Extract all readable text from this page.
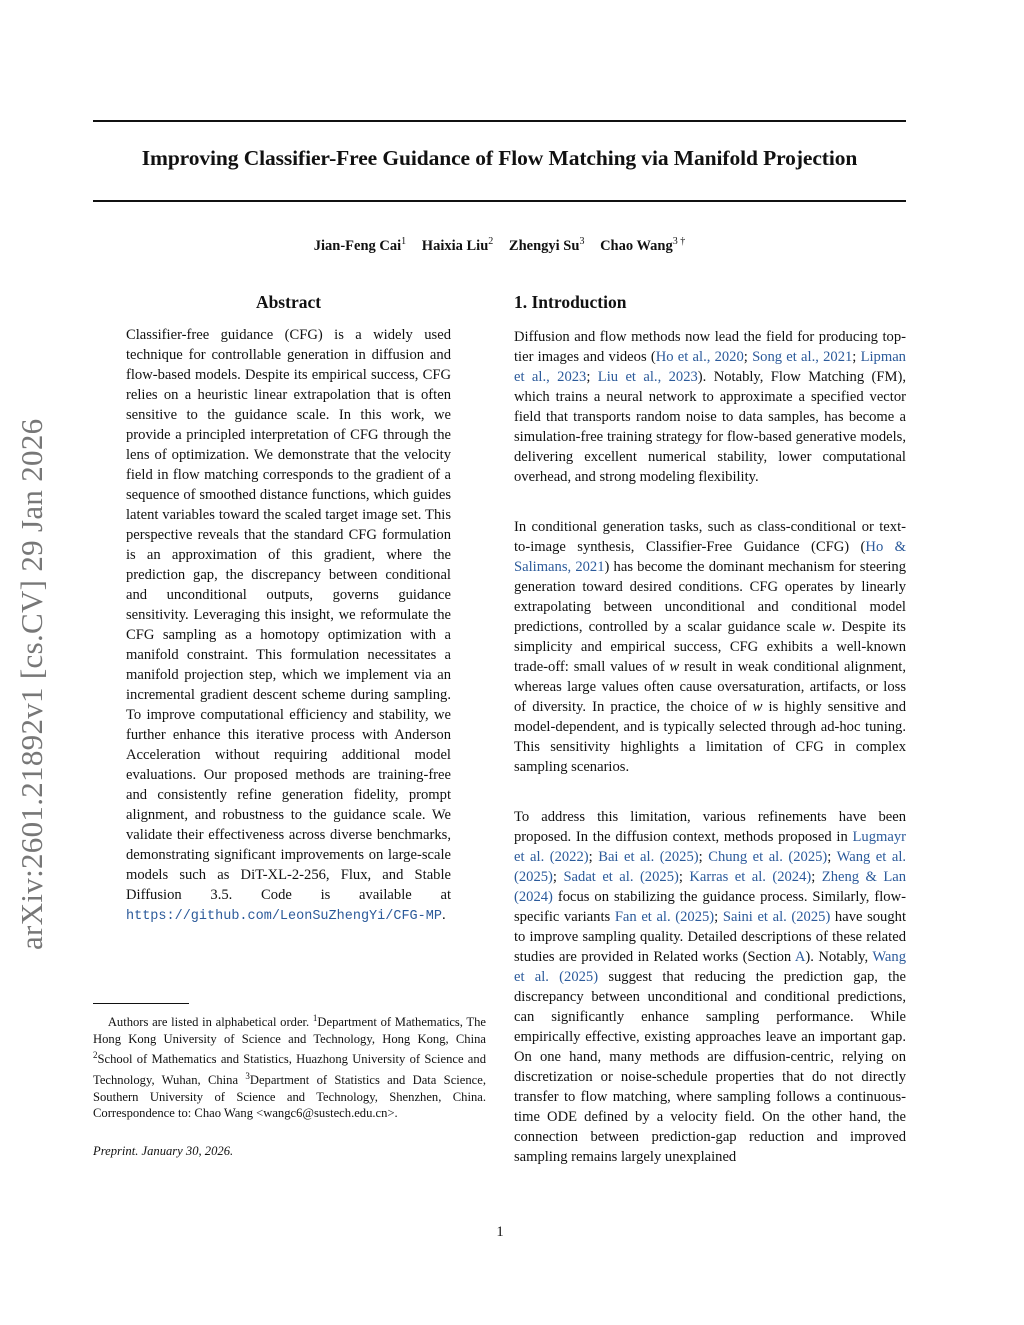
Improving Classifier-Free Guidance of Flow Matching via Manifold Projection
Jian-Feng Cai$^1$ Haixia Liu$^2$ Zhengyi Su$^3$ Chao Wang$^{3 \dagger}$
arXiv:2601.21892v1 [cs.CV] 29 Jan 2026
Abstract
Classifier-free guidance (CFG) is a widely used technique for controllable generation in diffusion and flow-based models. Despite its empirical success, CFG relies on a heuristic linear extrapolation that is often sensitive to the guidance scale. In this work, we provide a principled interpretation of CFG through the lens of optimization. We demonstrate that the velocity field in flow matching corresponds to the gradient of a sequence of smoothed distance functions, which guides latent variables toward the scaled target image set. This perspective reveals that the standard CFG formulation is an approximation of this gradient, where the prediction gap, the discrepancy between conditional and unconditional outputs, governs guidance sensitivity. Leveraging this insight, we reformulate the CFG sampling as a homotopy optimization with a manifold constraint. This formulation necessitates a manifold projection step, which we implement via an incremental gradient descent scheme during sampling. To improve computational efficiency and stability, we further enhance this iterative process with Anderson Acceleration without requiring additional model evaluations. Our proposed methods are training-free and consistently refine generation fidelity, prompt alignment, and robustness to the guidance scale. We validate their effectiveness across diverse benchmarks, demonstrating significant improvements on large-scale models such as DiT-XL-2-256, Flux, and Stable Diffusion 3.5. Code is available at https://github.com/LeonSuZhengYi/CFG-MP.
Authors are listed in alphabetical order. $^1$Department of Mathematics, The Hong Kong University of Science and Technology, Hong Kong, China $^2$School of Mathematics and Statistics, Huazhong University of Science and Technology, Wuhan, China $^3$Department of Statistics and Data Science, Southern University of Science and Technology, Shenzhen, China. Correspondence to: Chao Wang <wangc6@sustech.edu.cn>.
Preprint. January 30, 2026.
1. Introduction
Diffusion and flow methods now lead the field for producing top-tier images and videos (Ho et al., 2020; Song et al., 2021; Lipman et al., 2023; Liu et al., 2023). Notably, Flow Matching (FM), which trains a neural network to approximate a specified vector field that transports random noise to data samples, has become a simulation-free training strategy for flow-based generative models, delivering excellent numerical stability, lower computational overhead, and strong modeling flexibility.
In conditional generation tasks, such as class-conditional or text-to-image synthesis, Classifier-Free Guidance (CFG) (Ho & Salimans, 2021) has become the dominant mechanism for steering generation toward desired conditions. CFG operates by linearly extrapolating between unconditional and conditional model predictions, controlled by a scalar guidance scale w. Despite its simplicity and empirical success, CFG exhibits a well-known trade-off: small values of w result in weak conditional alignment, whereas large values often cause oversaturation, artifacts, or loss of diversity. In practice, the choice of w is highly sensitive and model-dependent, and is typically selected through ad-hoc tuning. This sensitivity highlights a limitation of CFG in complex sampling scenarios.
To address this limitation, various refinements have been proposed. In the diffusion context, methods proposed in Lugmayr et al. (2022); Bai et al. (2025); Chung et al. (2025); Wang et al. (2025); Sadat et al. (2025); Karras et al. (2024); Zheng & Lan (2024) focus on stabilizing the guidance process. Similarly, flow-specific variants Fan et al. (2025); Saini et al. (2025) have sought to improve sampling quality. Detailed descriptions of these related studies are provided in Related works (Section A). Notably, Wang et al. (2025) suggest that reducing the prediction gap, the discrepancy between unconditional and conditional predictions, can significantly enhance sampling performance. While empirically effective, existing approaches leave an important gap. On one hand, many methods are diffusion-centric, relying on discretization or noise-schedule properties that do not directly transfer to flow matching, where sampling follows a continuous-time ODE defined by a velocity field. On the other hand, the connection between prediction-gap reduction and improved sampling remains largely unexplained
1
